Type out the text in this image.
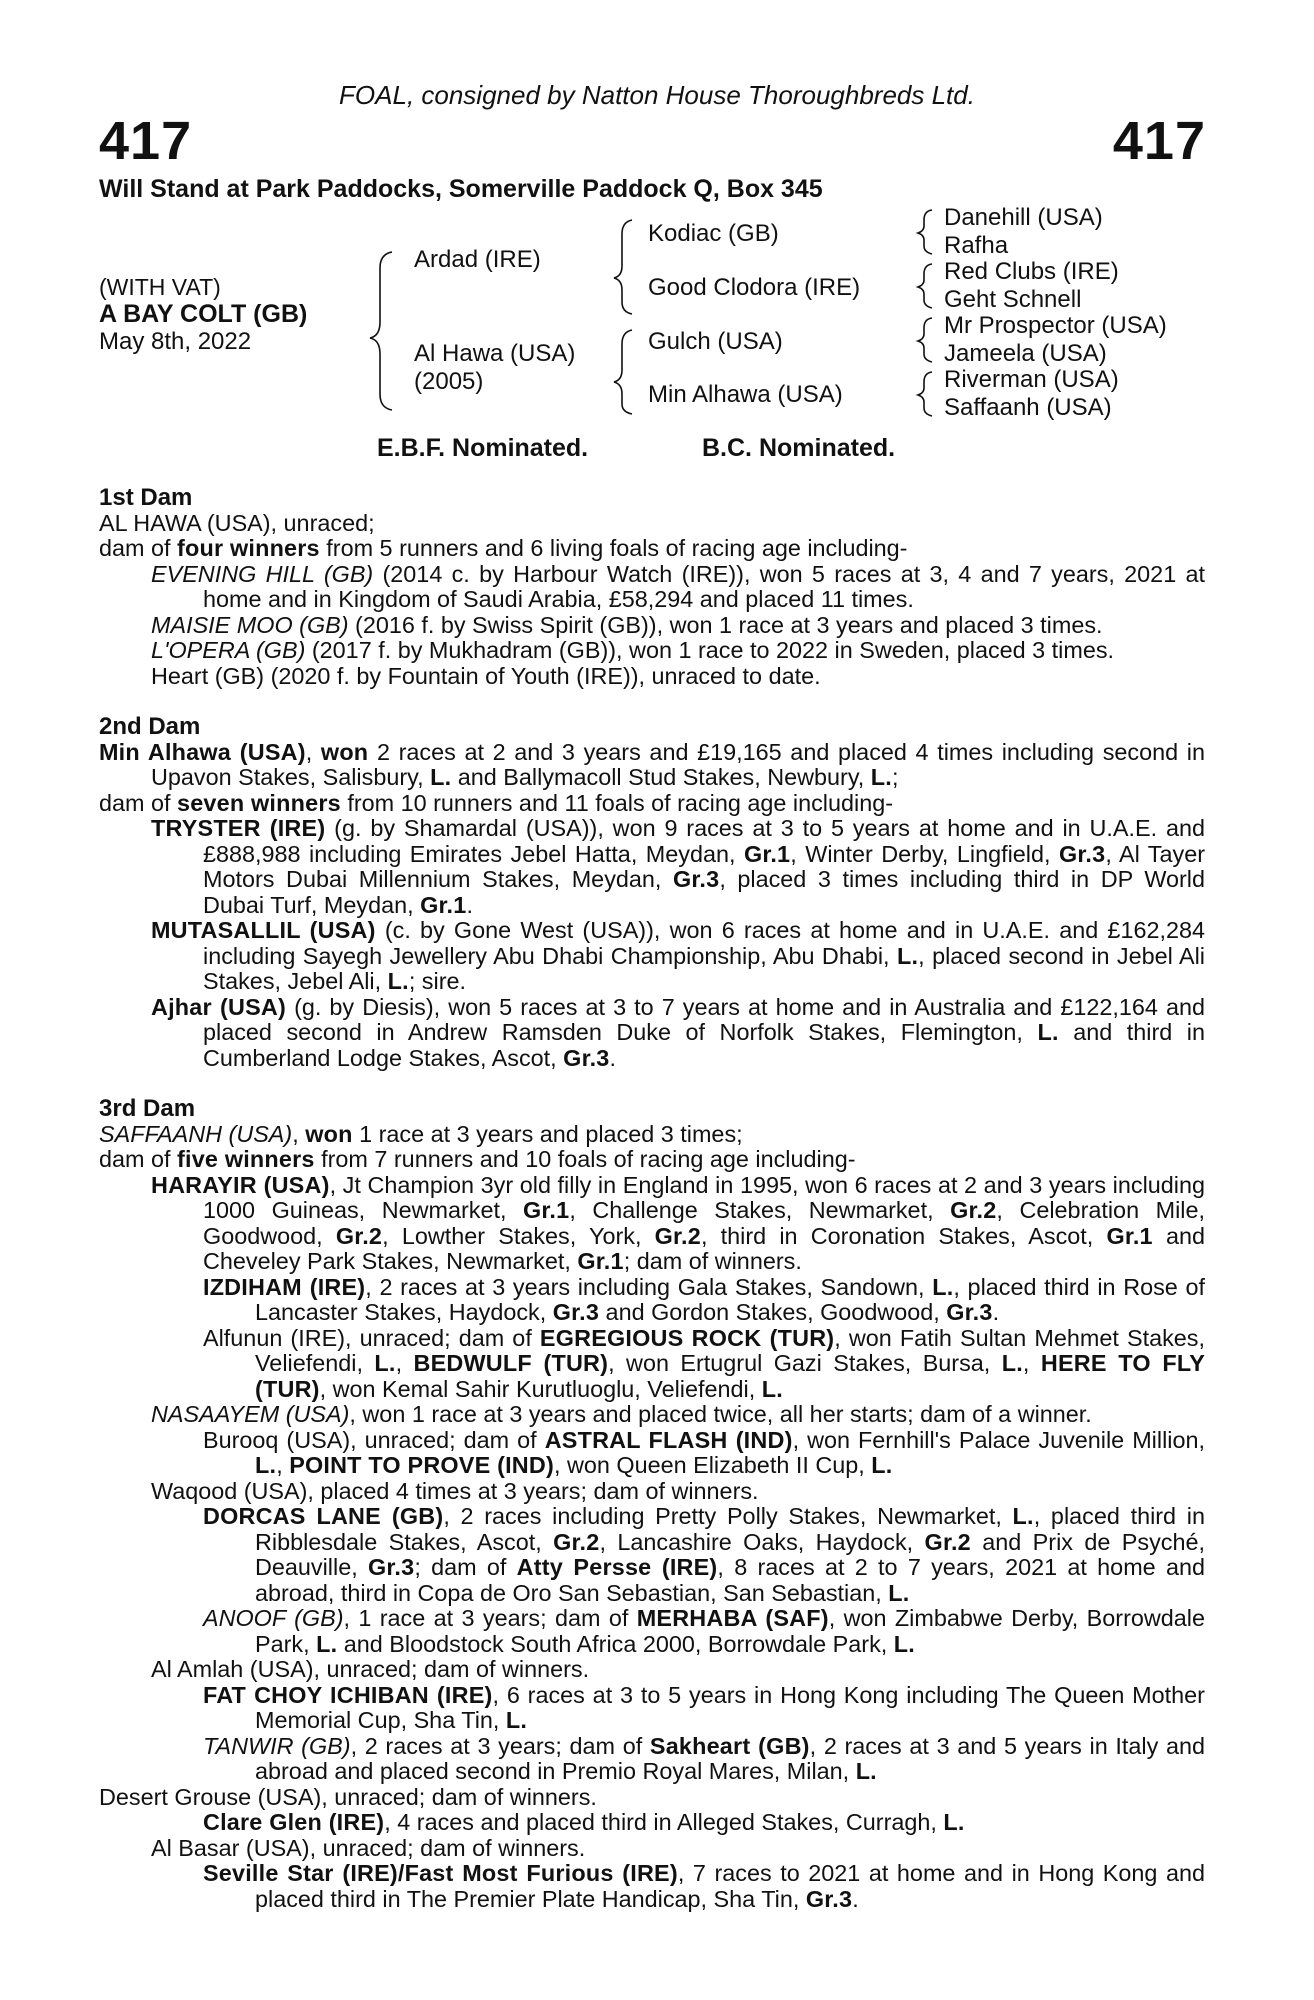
FOAL, consigned by Natton House Thoroughbreds Ltd.
417	417
Will Stand at Park Paddocks, Somerville Paddock Q, Box 345
(WITH VAT)
A BAY COLT (GB)
May 8th, 2022
Ardad (IRE)
Al Hawa (USA)
(2005)
Kodiac (GB)
Good Clodora (IRE)
Gulch (USA)
Min Alhawa (USA)
Danehill (USA)
Rafha
Red Clubs (IRE)
Geht Schnell
Mr Prospector (USA)
Jameela (USA)
Riverman (USA)
Saffaanh (USA)
E.B.F. Nominated.	B.C. Nominated.
1st Dam
AL HAWA (USA), unraced;
dam of four winners from 5 runners and 6 living foals of racing age including-
EVENING HILL (GB) (2014 c. by Harbour Watch (IRE)), won 5 races at 3, 4 and 7 years, 2021 at home and in Kingdom of Saudi Arabia, £58,294 and placed 11 times.
MAISIE MOO (GB) (2016 f. by Swiss Spirit (GB)), won 1 race at 3 years and placed 3 times.
L'OPERA (GB) (2017 f. by Mukhadram (GB)), won 1 race to 2022 in Sweden, placed 3 times.
Heart (GB) (2020 f. by Fountain of Youth (IRE)), unraced to date.
2nd Dam
Min Alhawa (USA), won 2 races at 2 and 3 years and £19,165 and placed 4 times including second in Upavon Stakes, Salisbury, L. and Ballymacoll Stud Stakes, Newbury, L.;
dam of seven winners from 10 runners and 11 foals of racing age including-
TRYSTER (IRE) (g. by Shamardal (USA)), won 9 races at 3 to 5 years at home and in U.A.E. and £888,988 including Emirates Jebel Hatta, Meydan, Gr.1, Winter Derby, Lingfield, Gr.3, Al Tayer Motors Dubai Millennium Stakes, Meydan, Gr.3, placed 3 times including third in DP World Dubai Turf, Meydan, Gr.1.
MUTASALLIL (USA) (c. by Gone West (USA)), won 6 races at home and in U.A.E. and £162,284 including Sayegh Jewellery Abu Dhabi Championship, Abu Dhabi, L., placed second in Jebel Ali Stakes, Jebel Ali, L.; sire.
Ajhar (USA) (g. by Diesis), won 5 races at 3 to 7 years at home and in Australia and £122,164 and placed second in Andrew Ramsden Duke of Norfolk Stakes, Flemington, L. and third in Cumberland Lodge Stakes, Ascot, Gr.3.
3rd Dam
SAFFAANH (USA), won 1 race at 3 years and placed 3 times;
dam of five winners from 7 runners and 10 foals of racing age including-
HARAYIR (USA), Jt Champion 3yr old filly in England in 1995, won 6 races at 2 and 3 years including 1000 Guineas, Newmarket, Gr.1, Challenge Stakes, Newmarket, Gr.2, Celebration Mile, Goodwood, Gr.2, Lowther Stakes, York, Gr.2, third in Coronation Stakes, Ascot, Gr.1 and Cheveley Park Stakes, Newmarket, Gr.1; dam of winners.
IZDIHAM (IRE), 2 races at 3 years including Gala Stakes, Sandown, L., placed third in Rose of Lancaster Stakes, Haydock, Gr.3 and Gordon Stakes, Goodwood, Gr.3.
Alfunun (IRE), unraced; dam of EGREGIOUS ROCK (TUR), won Fatih Sultan Mehmet Stakes, Veliefendi, L., BEDWULF (TUR), won Ertugrul Gazi Stakes, Bursa, L., HERE TO FLY (TUR), won Kemal Sahir Kurutluoglu, Veliefendi, L.
NASAAYEM (USA), won 1 race at 3 years and placed twice, all her starts; dam of a winner.
Burooq (USA), unraced; dam of ASTRAL FLASH (IND), won Fernhill's Palace Juvenile Million, L., POINT TO PROVE (IND), won Queen Elizabeth II Cup, L.
Waqood (USA), placed 4 times at 3 years; dam of winners.
DORCAS LANE (GB), 2 races including Pretty Polly Stakes, Newmarket, L., placed third in Ribblesdale Stakes, Ascot, Gr.2, Lancashire Oaks, Haydock, Gr.2 and Prix de Psyché, Deauville, Gr.3; dam of Atty Persse (IRE), 8 races at 2 to 7 years, 2021 at home and abroad, third in Copa de Oro San Sebastian, San Sebastian, L.
ANOOF (GB), 1 race at 3 years; dam of MERHABA (SAF), won Zimbabwe Derby, Borrowdale Park, L. and Bloodstock South Africa 2000, Borrowdale Park, L.
Al Amlah (USA), unraced; dam of winners.
FAT CHOY ICHIBAN (IRE), 6 races at 3 to 5 years in Hong Kong including The Queen Mother Memorial Cup, Sha Tin, L.
TANWIR (GB), 2 races at 3 years; dam of Sakheart (GB), 2 races at 3 and 5 years in Italy and abroad and placed second in Premio Royal Mares, Milan, L.
Desert Grouse (USA), unraced; dam of winners.
Clare Glen (IRE), 4 races and placed third in Alleged Stakes, Curragh, L.
Al Basar (USA), unraced; dam of winners.
Seville Star (IRE)/Fast Most Furious (IRE), 7 races to 2021 at home and in Hong Kong and placed third in The Premier Plate Handicap, Sha Tin, Gr.3.
